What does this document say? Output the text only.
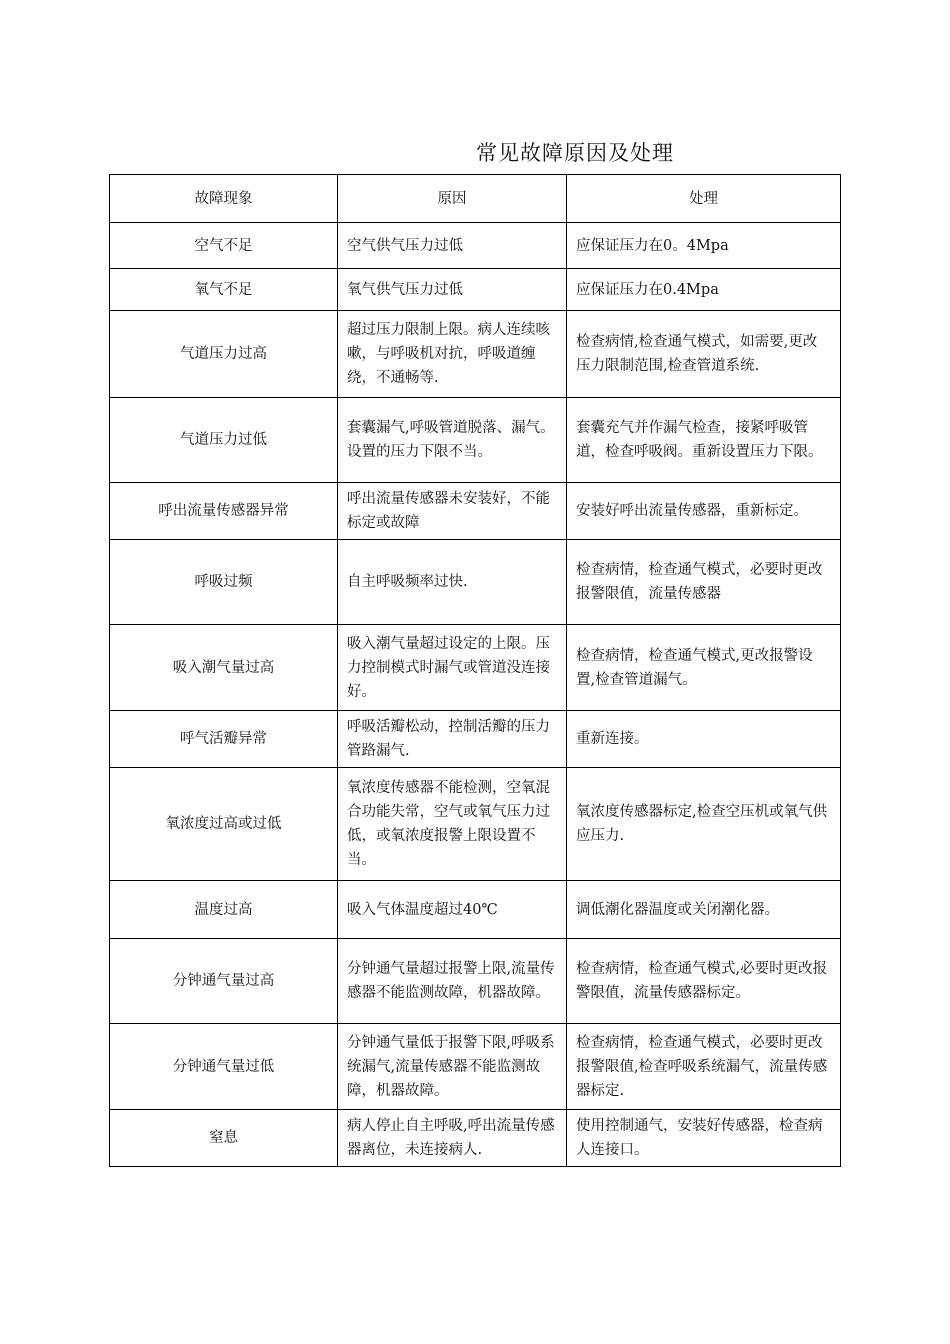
常见故障原因及处理
故障现象	原因	处理
空气不足	空气供气压力过低	应保证压力在0。4Mpa
氧气不足	氧气供气压力过低	应保证压力在0.4Mpa
气道压力过高	超过压力限制上限。病人连续咳嗽，与呼吸机对抗，呼吸道缠绕，不通畅等.	检查病情,检查通气模式，如需要,更改压力限制范围,检查管道系统.
气道压力过低	套囊漏气,呼吸管道脱落、漏气。设置的压力下限不当。	套囊充气并作漏气检查，接紧呼吸管道，检查呼吸阀。重新设置压力下限。
呼出流量传感器异常	呼出流量传感器未安装好，不能标定或故障	安装好呼出流量传感器，重新标定。
呼吸过频	自主呼吸频率过快.	检查病情，检查通气模式，必要时更改报警限值，流量传感器
吸入潮气量过高	吸入潮气量超过设定的上限。压力控制模式时漏气或管道没连接好。	检查病情，检查通气模式,更改报警设置,检查管道漏气。
呼气活瓣异常	呼吸活瓣松动，控制活瓣的压力管路漏气.	重新连接。
氧浓度过高或过低	氧浓度传感器不能检测，空氧混合功能失常，空气或氧气压力过低，或氧浓度报警上限设置不当。	氧浓度传感器标定,检查空压机或氧气供应压力.
温度过高	吸入气体温度超过40℃	调低潮化器温度或关闭潮化器。
分钟通气量过高	分钟通气量超过报警上限,流量传感器不能监测故障，机器故障。	检查病情，检查通气模式,必要时更改报警限值，流量传感器标定。
分钟通气量过低	分钟通气量低于报警下限,呼吸系统漏气,流量传感器不能监测故障，机器故障。	检查病情，检查通气模式，必要时更改报警限值,检查呼吸系统漏气，流量传感器标定.
窒息	病人停止自主呼吸,呼出流量传感器离位，未连接病人.	使用控制通气，安装好传感器，检查病人连接口。
